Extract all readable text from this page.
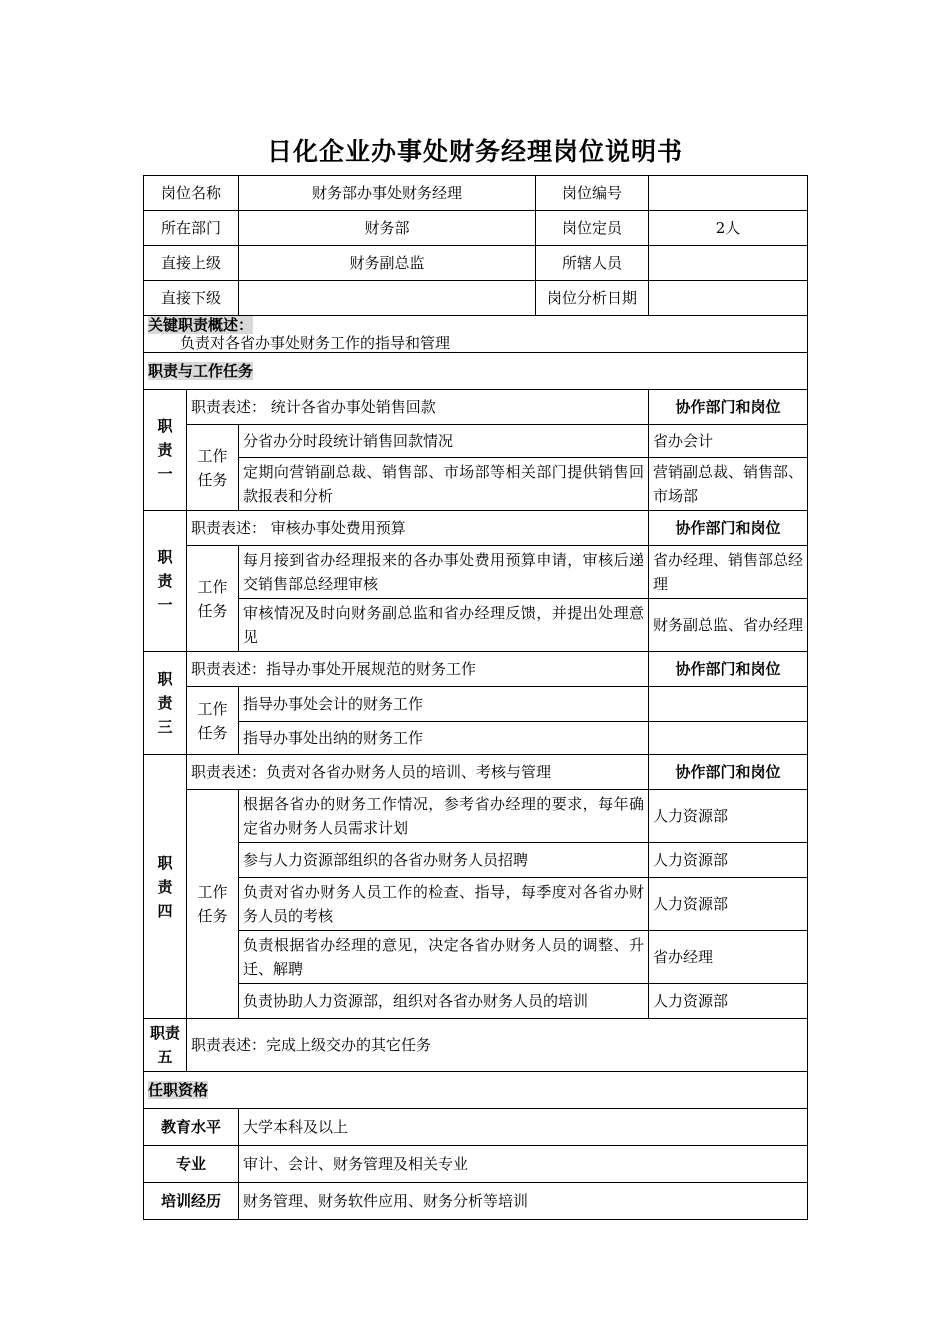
日化企业办事处财务经理岗位说明书
岗位名称		财务部办事处财务经理	岗位编号	
所在部门		财务部	岗位定员	2人
直接上级		财务副总监	所辖人员	
直接下级			岗位分析日期	
关键职责概述：
负责对各省办事处财务工作的指导和管理				
职责与工作任务				
职责一	职责表述： 统计各省办事处销售回款			协作部门和岗位
	工作任务	分省办分时段统计销售回款情况		省办会计
		定期向营销副总裁、销售部、市场部等相关部门提供销售回款报表和分析		营销副总裁、销售部、市场部
职责一	职责表述： 审核办事处费用预算			协作部门和岗位
	工作任务	每月接到省办经理报来的各办事处费用预算申请，审核后递交销售部总经理审核		省办经理、销售部总经理
		审核情况及时向财务副总监和省办经理反馈，并提出处理意见		财务副总监、省办经理
职责三	职责表述：指导办事处开展规范的财务工作			协作部门和岗位
	工作任务	指导办事处会计的财务工作		
		指导办事处出纳的财务工作		
职责四	职责表述：负责对各省办财务人员的培训、考核与管理			协作部门和岗位
	工作任务	根据各省办的财务工作情况，参考省办经理的要求，每年确定省办财务人员需求计划		人力资源部
		参与人力资源部组织的各省办财务人员招聘		人力资源部
		负责对省办财务人员工作的检查、指导，每季度对各省办财务人员的考核		人力资源部
		负责根据省办经理的意见，决定各省办财务人员的调整、升迁、解聘		省办经理
		负责协助人力资源部，组织对各省办财务人员的培训		人力资源部
职责五	职责表述：完成上级交办的其它任务			
任职资格				
教育水平		大学本科及以上		
专业		审计、会计、财务管理及相关专业		
培训经历		财务管理、财务软件应用、财务分析等培训		
